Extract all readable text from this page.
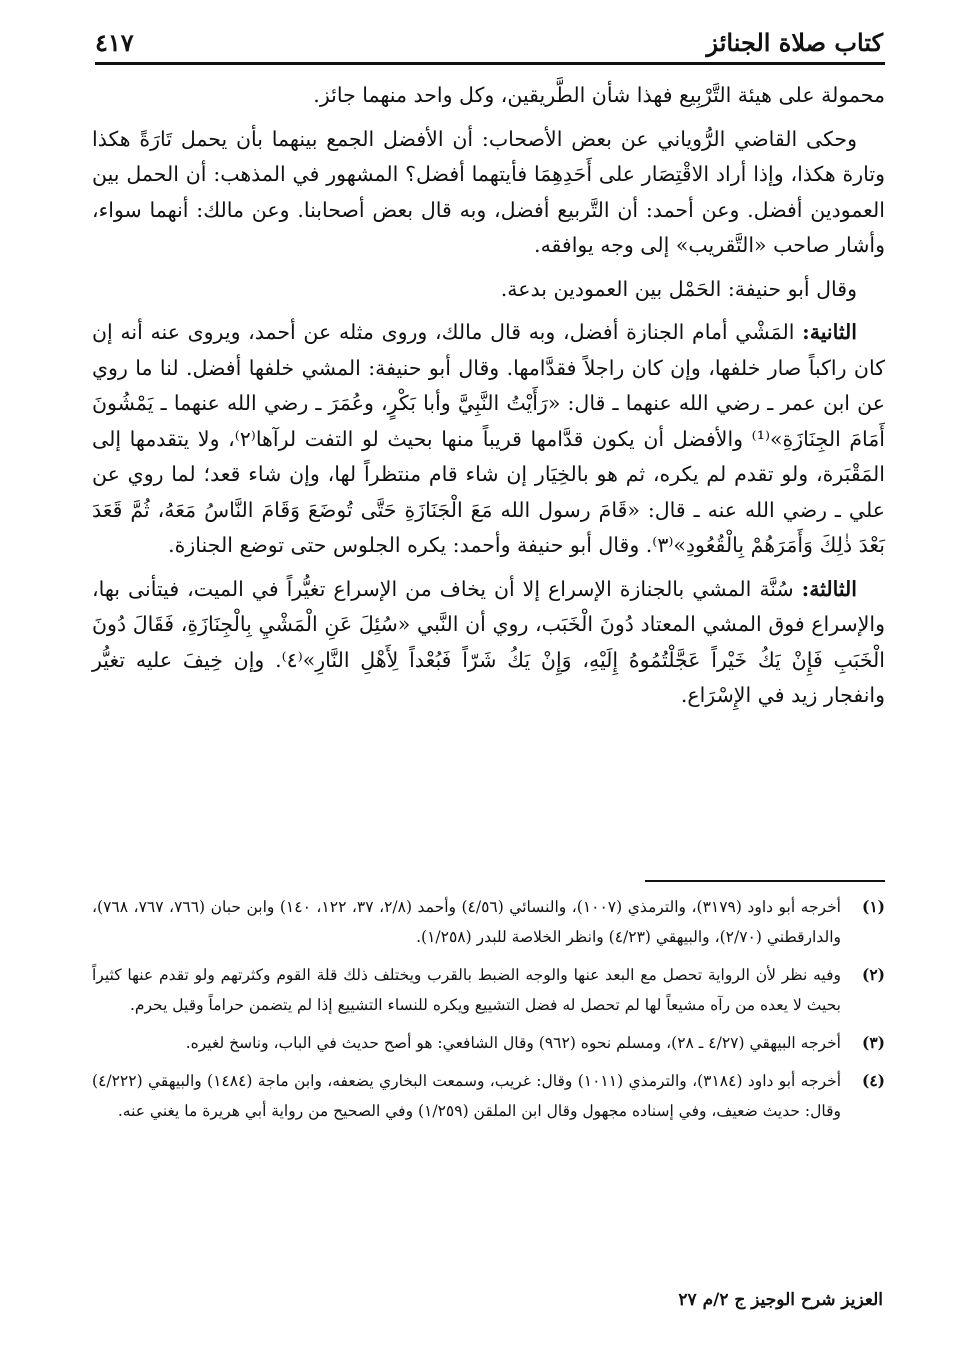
كتاب صلاة الجنائز
٤١٧

محمولة على هيئة التَّرْبِيع فهذا شأن الطَّريقين، وكل واحد منهما جائز.

وحكى القاضي الرُّوياني عن بعض الأصحاب: أن الأفضل الجمع بينهما بأن يحمل تَارَةً هكذا وتارة هكذا، وإذا أراد الاقْتِصَار على أَحَدِهِمَا فأيتهما أفضل؟ المشهور في المذهب: أن الحمل بين العمودين أفضل. وعن أحمد: أن التَّربيع أفضل، وبه قال بعض أصحابنا. وعن مالك: أنهما سواء، وأشار صاحب «التَّقريب» إلى وجه يوافقه.

وقال أبو حنيفة: الحَمْل بين العمودين بدعة.

الثانية: المَشْي أمام الجنازة أفضل، وبه قال مالك، وروى مثله عن أحمد، ويروى عنه أنه إن كان راكباً صار خلفها، وإن كان راجلاً فقدَّامها. وقال أبو حنيفة: المشي خلفها أفضل. لنا ما روي عن ابن عمر ـ رضي الله عنهما ـ قال: «رَأَيْتُ النَّبِيَّ وأبا بَكْرٍ، وعُمَرَ ـ رضي الله عنهما ـ يَمْشُونَ أَمَامَ الجِنَازَةِ»⁽¹⁾ والأفضل أن يكون قدَّامها قريباً منها بحيث لو التفت لرآها⁽٢⁾، ولا يتقدمها إلى المَقْبَرة، ولو تقدم لم يكره، ثم هو بالخِيَار إن شاء قام منتظراً لها، وإن شاء قعد؛ لما روي عن علي ـ رضي الله عنه ـ قال: «قَامَ رسول الله مَعَ الْجَنَازَةِ حَتَّى تُوضَعَ وَقَامَ النَّاسُ مَعَهُ، ثُمَّ قَعَدَ بَعْدَ ذٰلِكَ وَأَمَرَهُمْ بِالْقُعُودِ»⁽٣⁾. وقال أبو حنيفة وأحمد: يكره الجلوس حتى توضع الجنازة.

الثالثة: سُنَّة المشي بالجنازة الإسراع إلا أن يخاف من الإسراع تغيُّراً في الميت، فيتأنى بها، والإسراع فوق المشي المعتاد دُونَ الْخَبَب، روي أن النَّبي «سُئِلَ عَنِ الْمَشْيِ بِالْجِنَازَةِ، فَقَالَ دُونَ الْخَبَبِ فَإِنْ يَكُ خَيْراً عَجَّلْتُمُوهُ إِلَيْهِ، وَإِنْ يَكُ شَرّاً فَبُعْداً لِأَهْلِ النَّارِ»⁽٤⁾. وإن خِيفَ عليه تغيُّر وانفجار زيد في الإِسْرَاع.

(١)
أخرجه أبو داود (٣١٧٩)، والترمذي (١٠٠٧)، والنسائي (٤/٥٦) وأحمد (٢/٨، ٣٧، ١٢٢، ١٤٠) وابن حبان (٧٦٦، ٧٦٧، ٧٦٨)، والدارقطني (٢/٧٠)، والبيهقي (٤/٢٣) وانظر الخلاصة للبدر (١/٢٥٨).
(٢)
وفيه نظر لأن الرواية تحصل مع البعد عنها والوجه الضبط بالقرب ويختلف ذلك قلة القوم وكثرتهم ولو تقدم عنها كثيراً بحيث لا يعده من رآه مشيعاً لها لم تحصل له فضل التشييع ويكره للنساء التشييع إذا لم يتضمن حراماً وقيل يحرم.
(٣)
أخرجه البيهقي (٤/٢٧ ـ ٢٨)، ومسلم نحوه (٩٦٢) وقال الشافعي: هو أصح حديث في الباب، وناسخ لغيره.
(٤)
أخرجه أبو داود (٣١٨٤)، والترمذي (١٠١١) وقال: غريب، وسمعت البخاري يضعفه، وابن ماجة (١٤٨٤) والبيهقي (٤/٢٢٢) وقال: حديث ضعيف، وفي إسناده مجهول وقال ابن الملقن (١/٢٥٩) وفي الصحيح من رواية أبي هريرة ما يغني عنه.
العزيز شرح الوجيز ج ٢/م ٢٧
